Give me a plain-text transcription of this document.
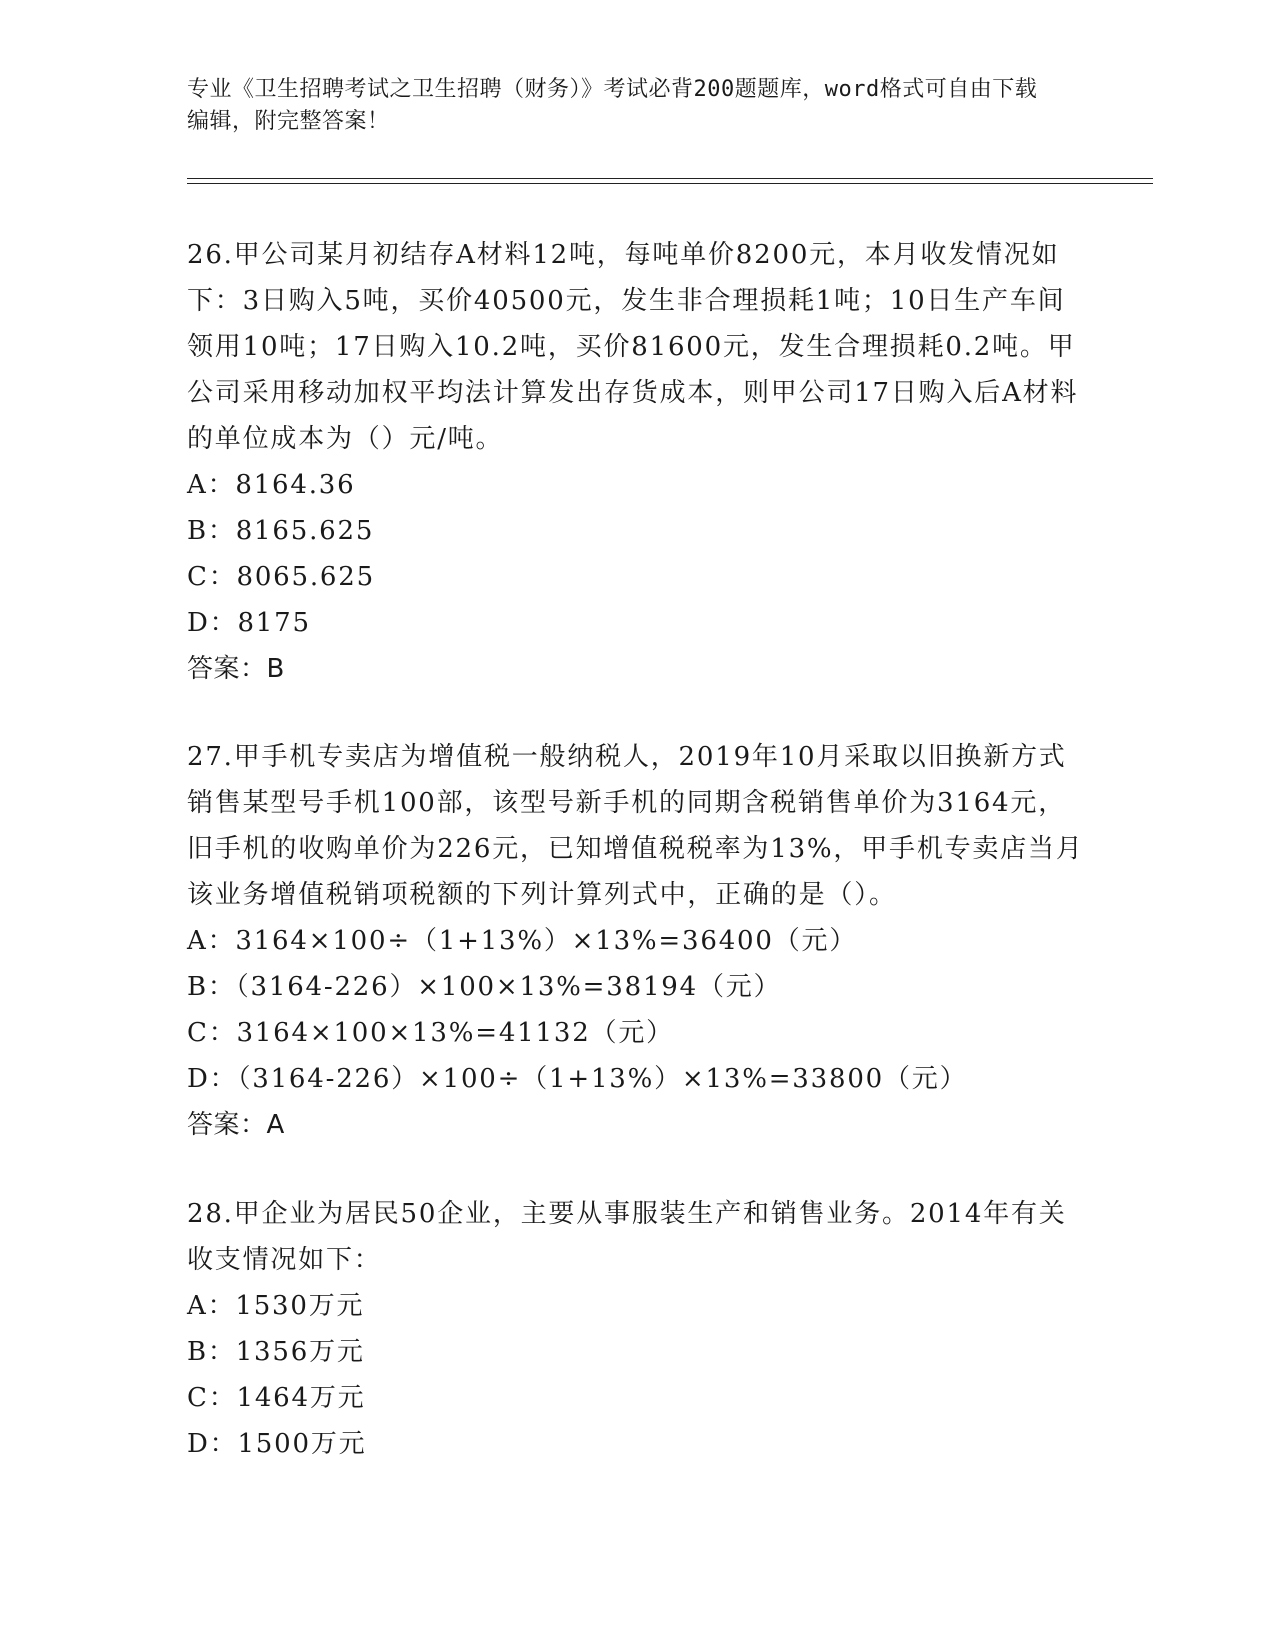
专业《卫生招聘考试之卫生招聘（财务）》考试必背200题题库，word格式可自由下载编辑，附完整答案！

26.甲公司某月初结存A材料12吨，每吨单价8200元，本月收发情况如下：3日购入5吨，买价40500元，发生非合理损耗1吨；10日生产车间领用10吨；17日购入10.2吨，买价81600元，发生合理损耗0.2吨。甲公司采用移动加权平均法计算发出存货成本，则甲公司17日购入后A材料的单位成本为（）元/吨。

A：8164.36

B：8165.625

C：8065.625

D：8175

答案：B

27.甲手机专卖店为增值税一般纳税人，2019年10月采取以旧换新方式销售某型号手机100部，该型号新手机的同期含税销售单价为3164元，旧手机的收购单价为226元，已知增值税税率为13%，甲手机专卖店当月该业务增值税销项税额的下列计算列式中，正确的是（）。

A：3164×100÷（1+13%）×13%=36400（元）

B：（3164-226）×100×13%=38194（元）

C：3164×100×13%=41132（元）

D：（3164-226）×100÷（1+13%）×13%=33800（元）

答案：A

28.甲企业为居民50企业，主要从事服装生产和销售业务。2014年有关收支情况如下：

A：1530万元

B：1356万元

C：1464万元

D：1500万元
